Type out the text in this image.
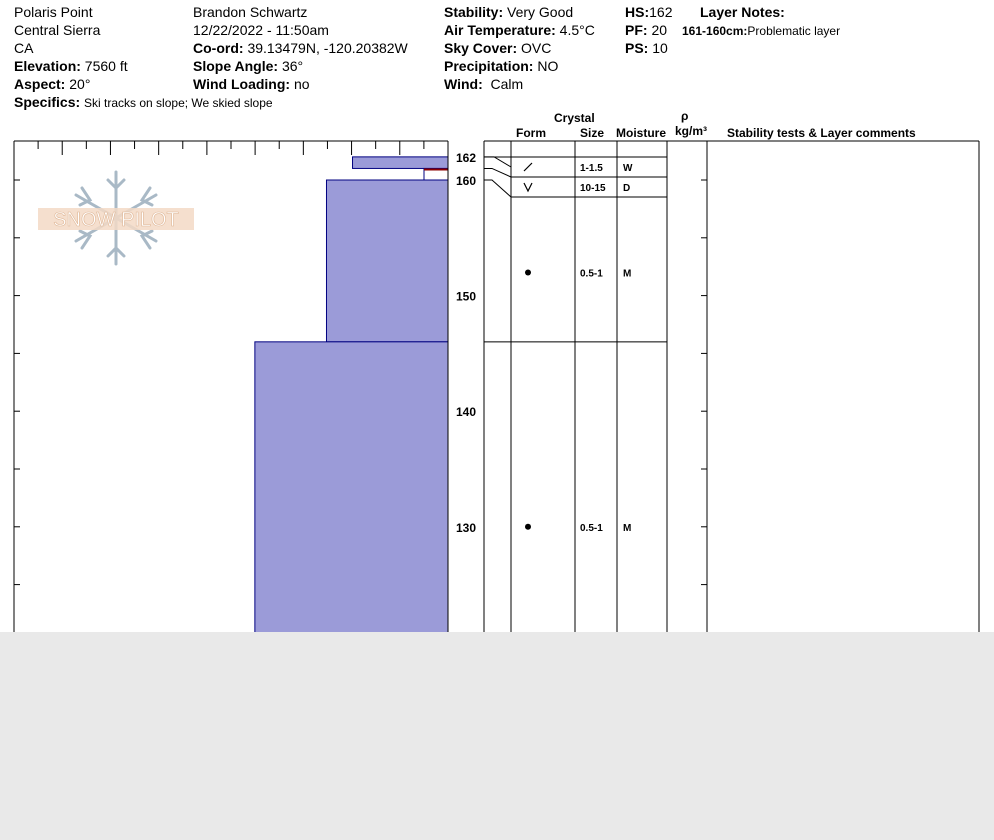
Polaris Point
Central Sierra
CA
Elevation: 7560 ft
Aspect: 20°
Specifics: Ski tracks on slope; We skied slope
Brandon Schwartz
12/22/2022 - 11:50am
Co-ord: 39.13479N, -120.20382W
Slope Angle: 36°
Wind Loading: no
Stability: Very Good
Air Temperature: 4.5°C
Sky Cover: OVC
Precipitation: NO
Wind: Calm
HS:162
PF: 20
PS: 10
Layer Notes:
161-160cm:Problematic layer
Crystal
Form	Size Moisture
ρ
kg/m³ Stability tests & Layer comments
SNOW PILOT
130
140
150
160
162
1-1.5 W
10-15 D
0.5-1 M
0.5-1 M
